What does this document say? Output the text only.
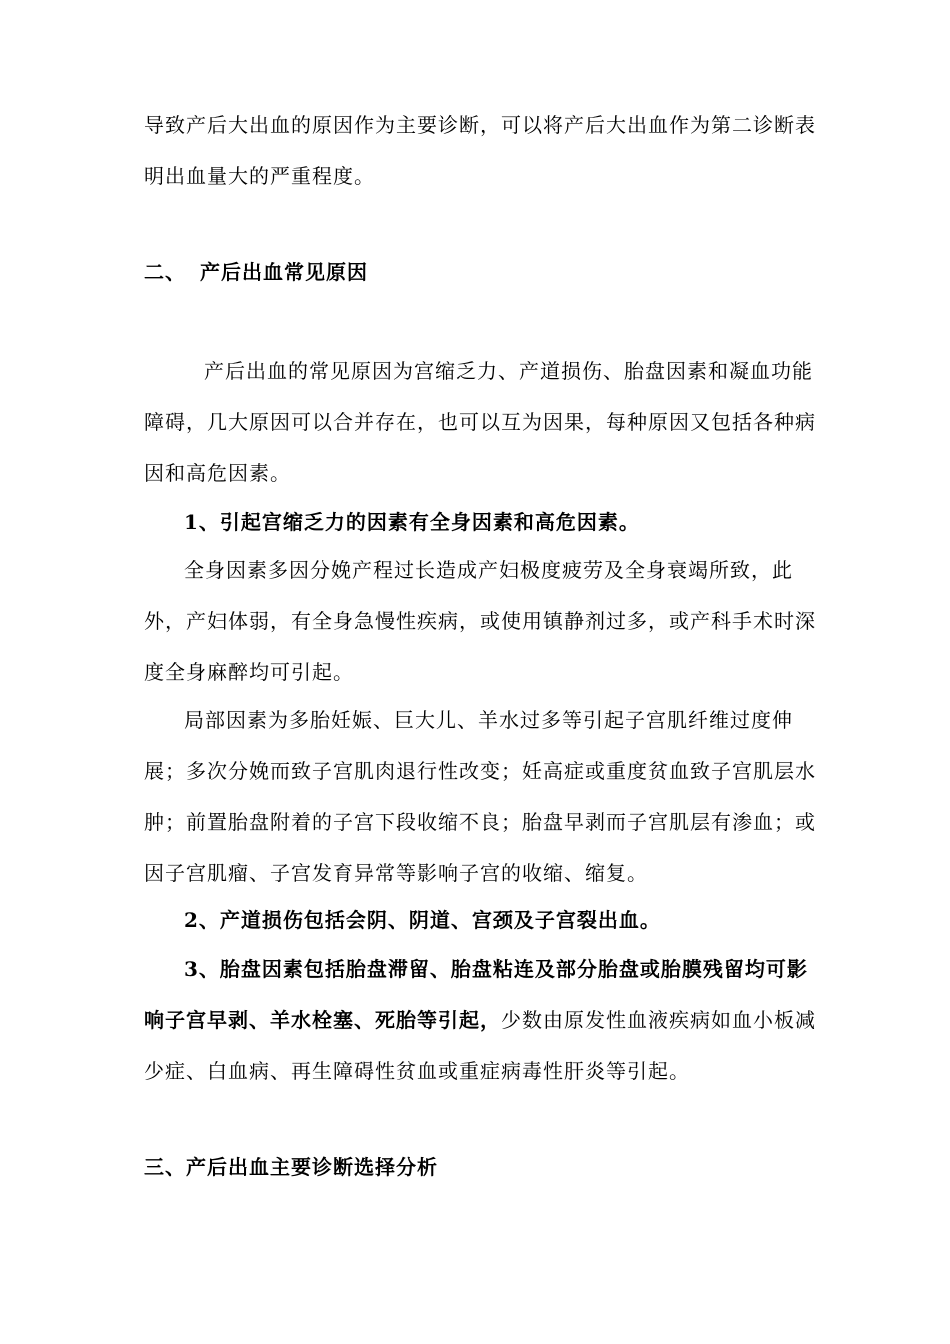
导致产后大出血的原因作为主要诊断，可以将产后大出血作为第二诊断表明出血量大的严重程度。

二、 产后出血常见原因

产后出血的常见原因为宫缩乏力、产道损伤、胎盘因素和凝血功能障碍，几大原因可以合并存在，也可以互为因果，每种原因又包括各种病因和高危因素。

1、引起宫缩乏力的因素有全身因素和高危因素。

全身因素多因分娩产程过长造成产妇极度疲劳及全身衰竭所致，此外，产妇体弱，有全身急慢性疾病，或使用镇静剂过多，或产科手术时深度全身麻醉均可引起。

局部因素为多胎妊娠、巨大儿、羊水过多等引起子宫肌纤维过度伸展；多次分娩而致子宫肌肉退行性改变；妊高症或重度贫血致子宫肌层水肿；前置胎盘附着的子宫下段收缩不良；胎盘早剥而子宫肌层有渗血；或因子宫肌瘤、子宫发育异常等影响子宫的收缩、缩复。

2、产道损伤包括会阴、阴道、宫颈及子宫裂出血。

3、胎盘因素包括胎盘滞留、胎盘粘连及部分胎盘或胎膜残留均可影响子宫早剥、羊水栓塞、死胎等引起，少数由原发性血液疾病如血小板减少症、白血病、再生障碍性贫血或重症病毒性肝炎等引起。

三、产后出血主要诊断选择分析
